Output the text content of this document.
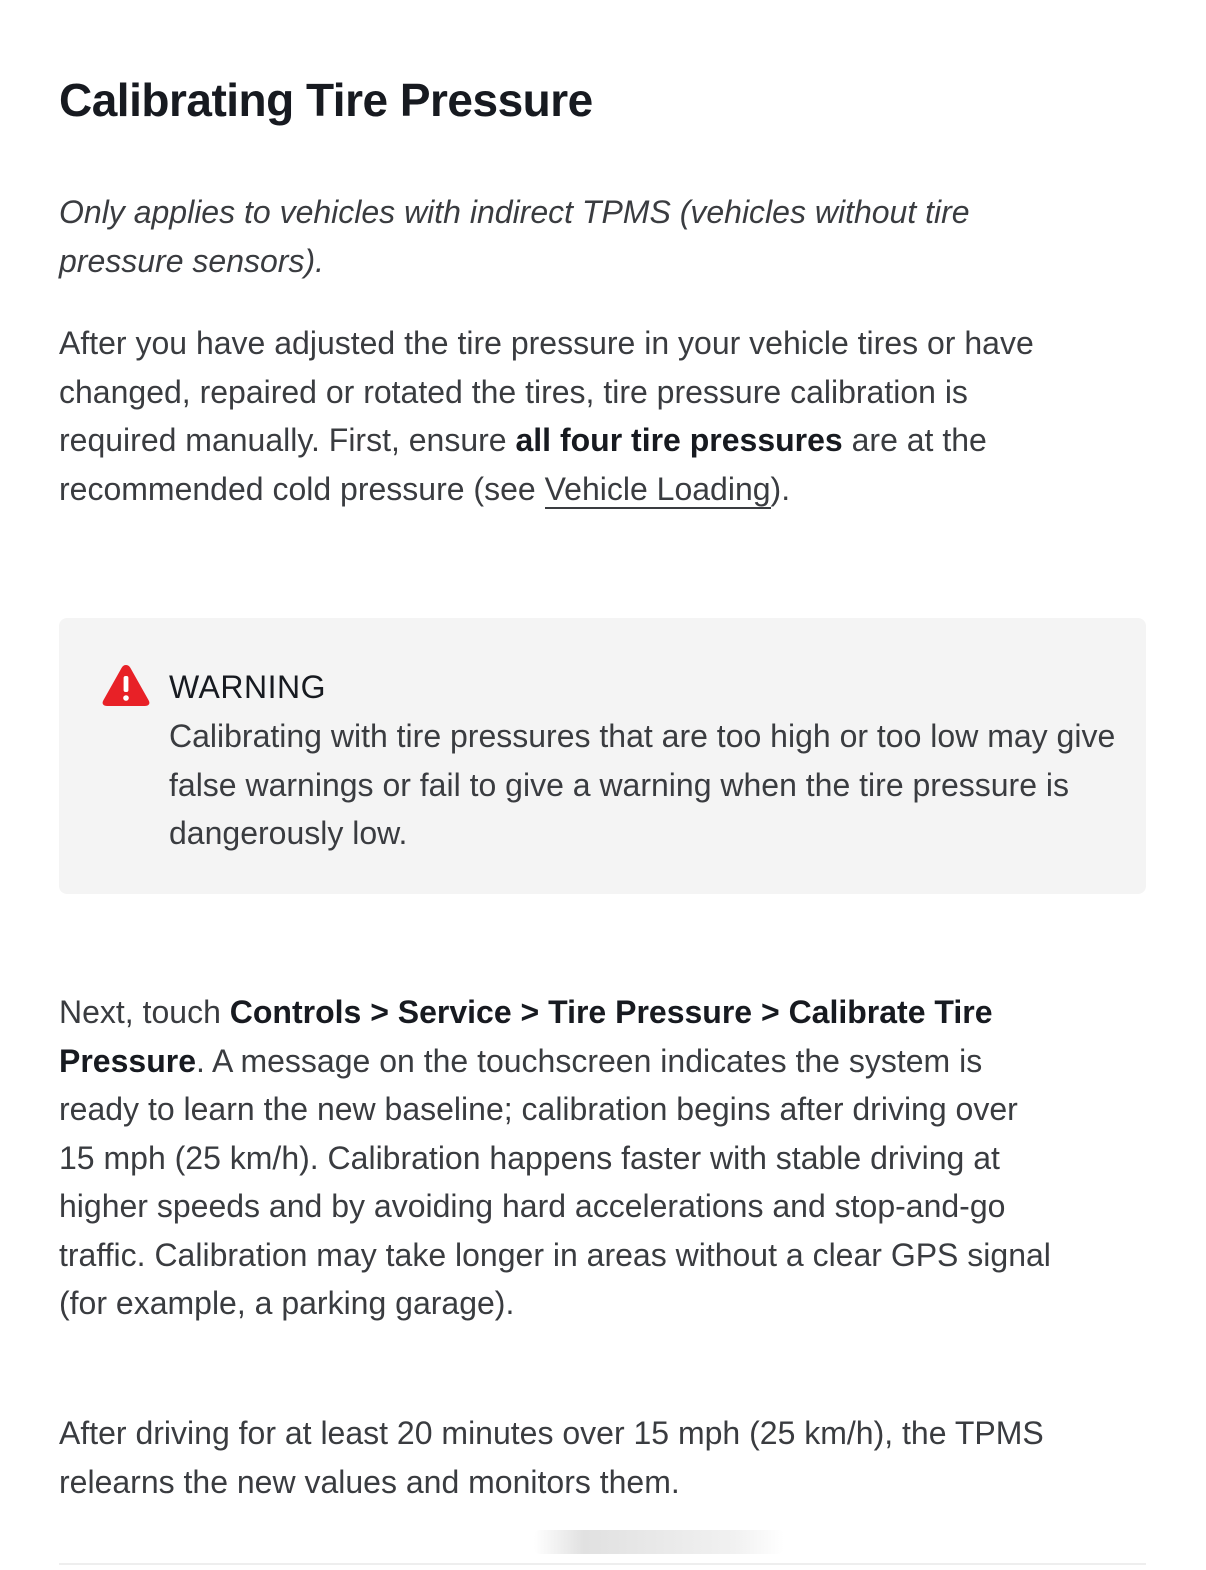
Calibrating Tire Pressure

Only applies to vehicles with indirect TPMS (vehicles without tire pressure sensors).

After you have adjusted the tire pressure in your vehicle tires or have changed, repaired or rotated the tires, tire pressure calibration is required manually. First, ensure all four tire pressures are at the recommended cold pressure (see Vehicle Loading).

WARNING

Calibrating with tire pressures that are too high or too low may give false warnings or fail to give a warning when the tire pressure is dangerously low.

Next, touch Controls > Service > Tire Pressure > Calibrate Tire Pressure. A message on the touchscreen indicates the system is ready to learn the new baseline; calibration begins after driving over 15 mph (25 km/h). Calibration happens faster with stable driving at higher speeds and by avoiding hard accelerations and stop-and-go traffic. Calibration may take longer in areas without a clear GPS signal (for example, a parking garage).

After driving for at least 20 minutes over 15 mph (25 km/h), the TPMS relearns the new values and monitors them.
